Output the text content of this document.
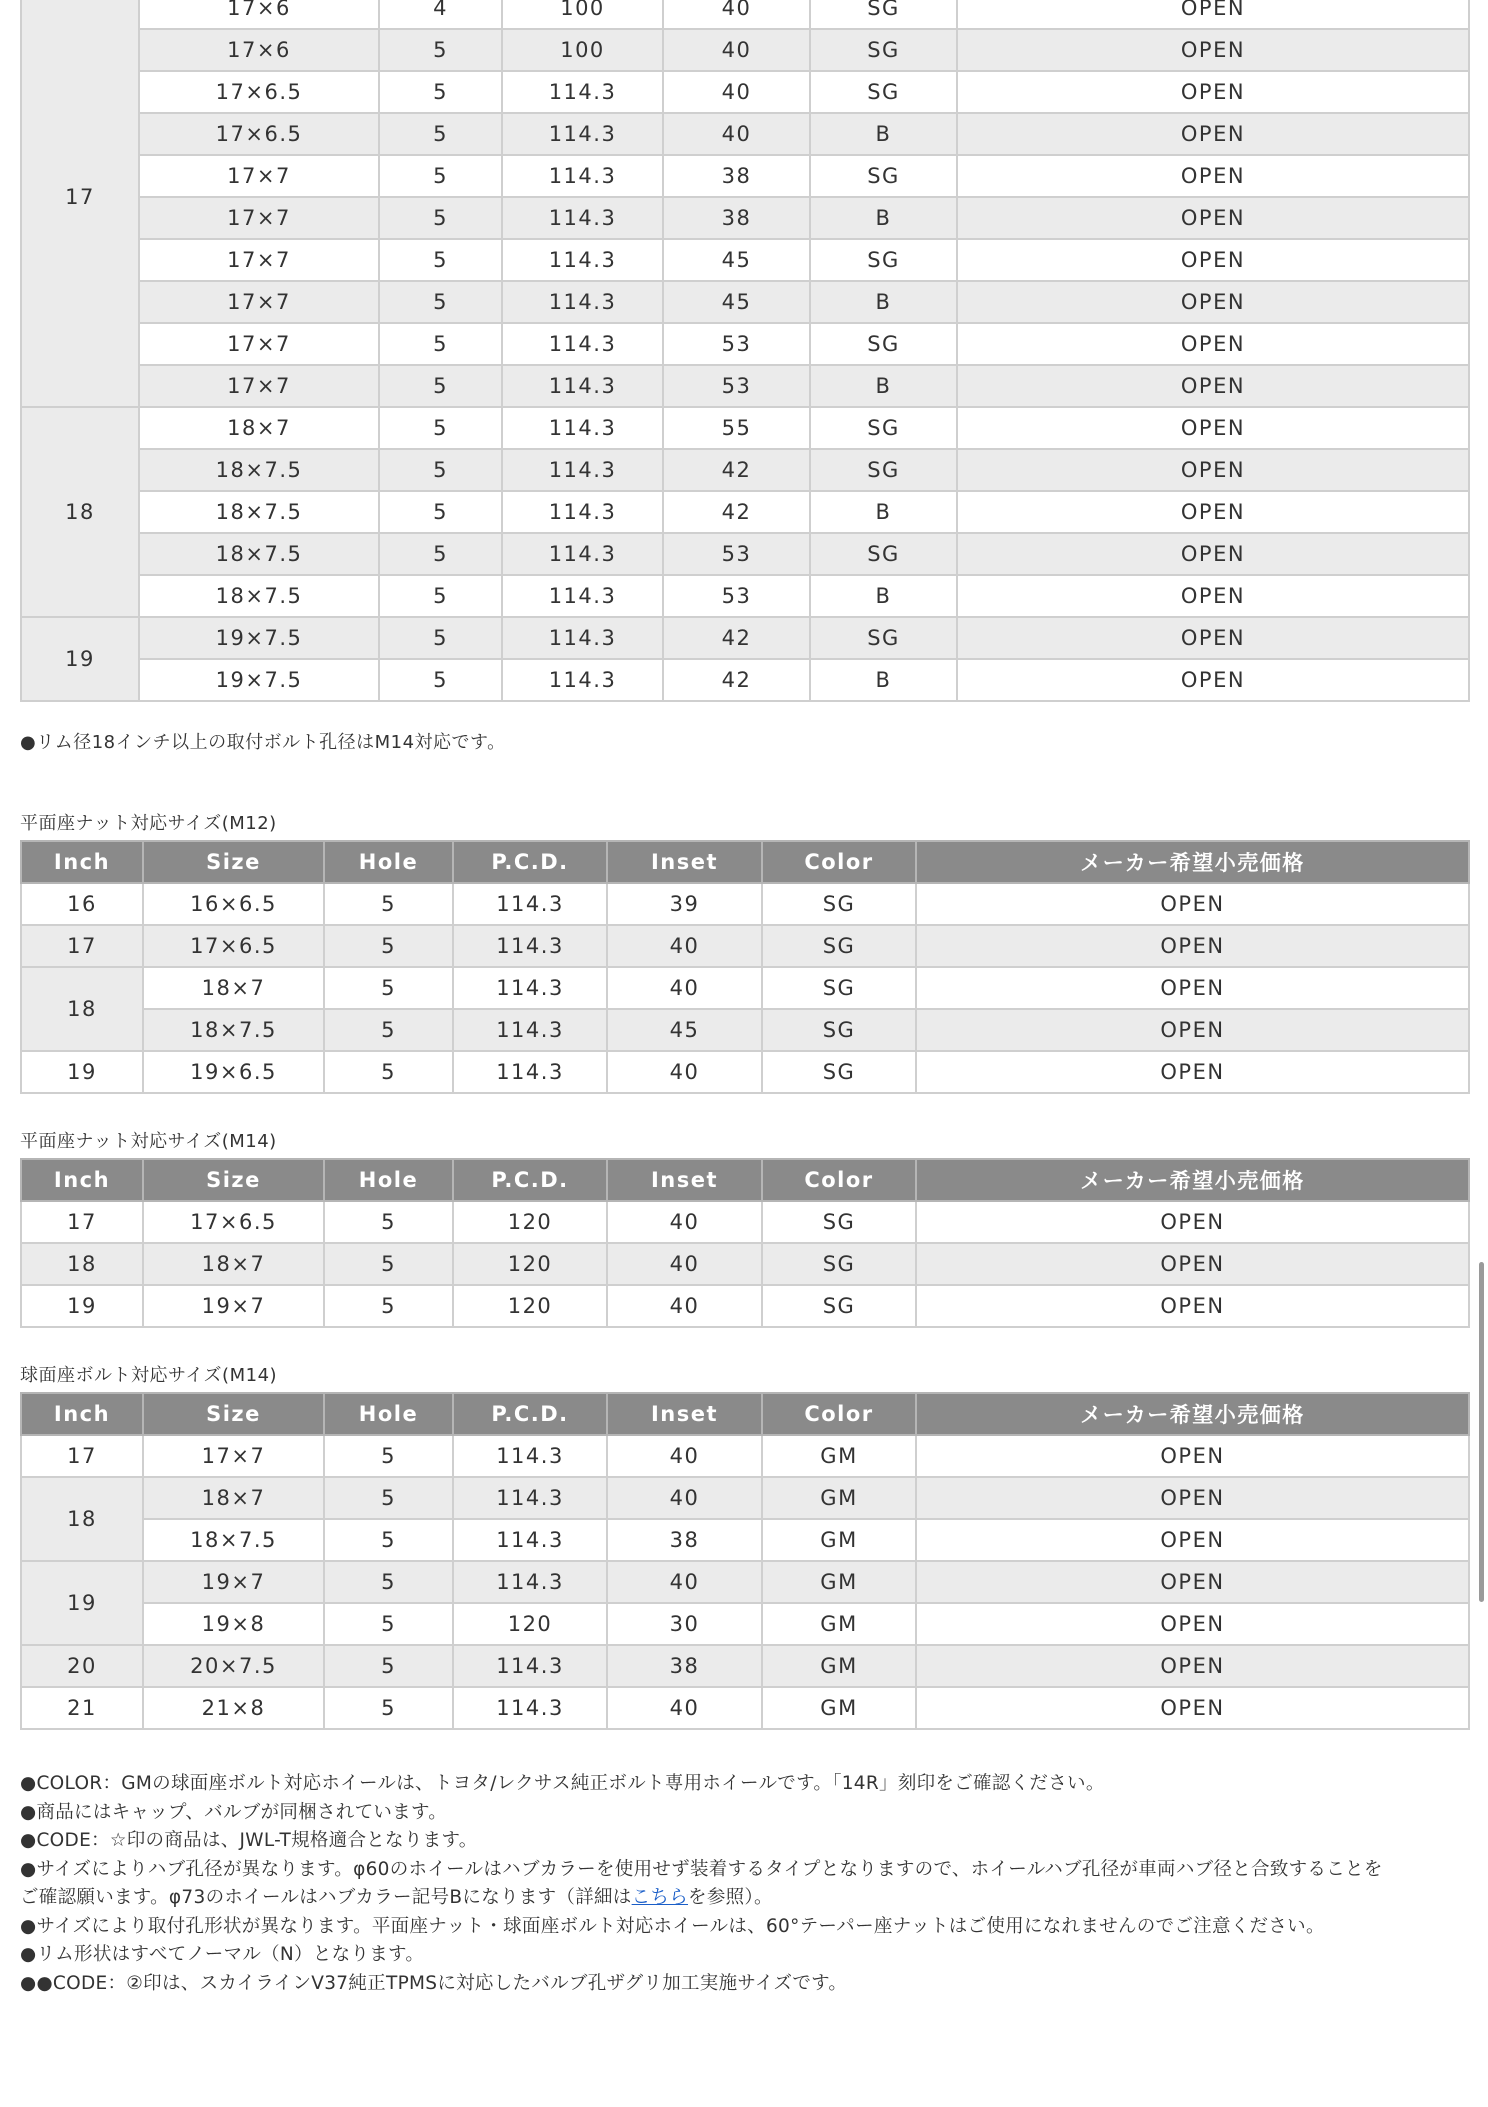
17	17×6	4	100	40	SG	OPEN
	17×6	5	100	40	SG	OPEN
	17×6.5	5	114.3	40	SG	OPEN
	17×6.5	5	114.3	40	B	OPEN
	17×7	5	114.3	38	SG	OPEN
	17×7	5	114.3	38	B	OPEN
	17×7	5	114.3	45	SG	OPEN
	17×7	5	114.3	45	B	OPEN
	17×7	5	114.3	53	SG	OPEN
	17×7	5	114.3	53	B	OPEN
18	18×7	5	114.3	55	SG	OPEN
	18×7.5	5	114.3	42	SG	OPEN
	18×7.5	5	114.3	42	B	OPEN
	18×7.5	5	114.3	53	SG	OPEN
	18×7.5	5	114.3	53	B	OPEN
19	19×7.5	5	114.3	42	SG	OPEN
	19×7.5	5	114.3	42	B	OPEN

●リム径18インチ以上の取付ボルト孔径はM14対応です。

平面座ナット対応サイズ(M12)

Inch	Size	Hole	P.C.D.	Inset	Color	メーカー希望小売価格
16	16×6.5	5	114.3	39	SG	OPEN
17	17×6.5	5	114.3	40	SG	OPEN
18	18×7	5	114.3	40	SG	OPEN
	18×7.5	5	114.3	45	SG	OPEN
19	19×6.5	5	114.3	40	SG	OPEN

平面座ナット対応サイズ(M14)

Inch	Size	Hole	P.C.D.	Inset	Color	メーカー希望小売価格
17	17×6.5	5	120	40	SG	OPEN
18	18×7	5	120	40	SG	OPEN
19	19×7	5	120	40	SG	OPEN

球面座ボルト対応サイズ(M14)

Inch	Size	Hole	P.C.D.	Inset	Color	メーカー希望小売価格
17	17×7	5	114.3	40	GM	OPEN
18	18×7	5	114.3	40	GM	OPEN
	18×7.5	5	114.3	38	GM	OPEN
19	19×7	5	114.3	40	GM	OPEN
	19×8	5	120	30	GM	OPEN
20	20×7.5	5	114.3	38	GM	OPEN
21	21×8	5	114.3	40	GM	OPEN

●COLOR：GMの球面座ボルト対応ホイールは、トヨタ/レクサス純正ボルト専用ホイールです。「14R」刻印をご確認ください。

●商品にはキャップ、バルブが同梱されています。

●CODE：☆印の商品は、JWL-T規格適合となります。

●サイズによりハブ孔径が異なります。φ60のホイールはハブカラーを使用せず装着するタイプとなりますので、ホイールハブ孔径が車両ハブ径と合致することを

ご確認願います。φ73のホイールはハブカラー記号Bになります（詳細はこちらを参照）。

●サイズにより取付孔形状が異なります。平面座ナット・球面座ボルト対応ホイールは、60°テーパー座ナットはご使用になれませんのでご注意ください。

●リム形状はすべてノーマル（N）となります。

●●CODE：②印は、スカイラインV37純正TPMSに対応したバルブ孔ザグリ加工実施サイズです。
